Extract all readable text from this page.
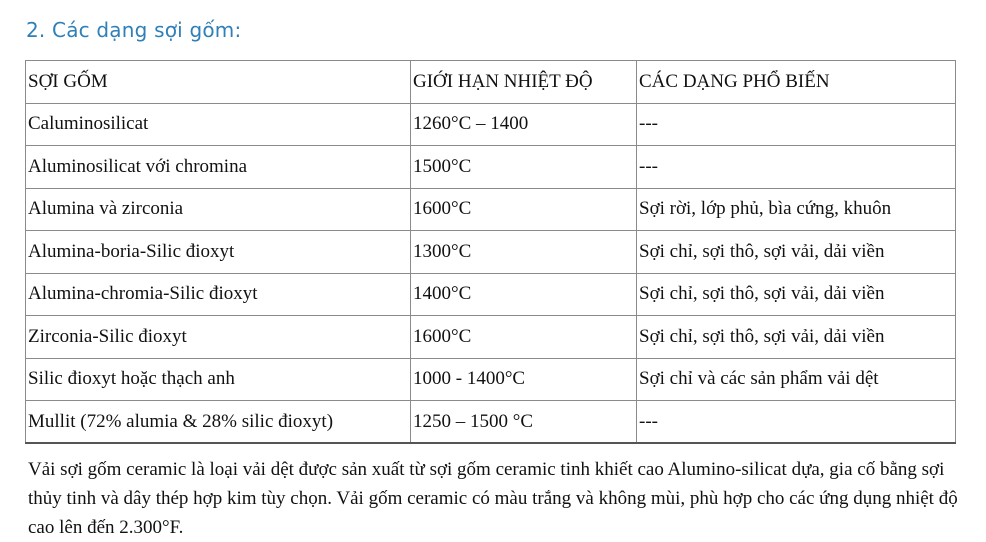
2. Các dạng sợi gốm:
SỢI GỐM	GIỚI HẠN NHIỆT ĐỘ	CÁC DẠNG PHỔ BIẾN
Caluminosilicat	1260°C – 1400	---
Aluminosilicat với chromina	1500°C	---
Alumina và zirconia	1600°C	Sợi rời, lớp phủ, bìa cứng, khuôn
Alumina-boria-Silic đioxyt	1300°C	Sợi chỉ, sợi thô, sợi vải, dải viền
Alumina-chromia-Silic điоxyt	1400°C	Sợi chỉ, sợi thô, sợi vải, dải viền
Zirconia-Silic điоxyt	1600°C	Sợi chỉ, sợi thô, sợi vải, dải viền
Silic điоxyt hoặc thạch anh	1000 - 1400°C	Sợi chỉ và các sản phẩm vải dệt
Mullit (72% alumia & 28% silic điоxyt)	1250 – 1500 °C	---

Vải sợi gốm ceramic là loại vải dệt được sản xuất từ sợi gốm ceramic tinh khiết cao Alumino-silicat dựa, gia cố bằng sợi thủy tinh và dây thép hợp kim tùy chọn. Vải gốm ceramic có màu trắng và không mùi, phù hợp cho các ứng dụng nhiệt độ cao lên đến 2.300°F.
